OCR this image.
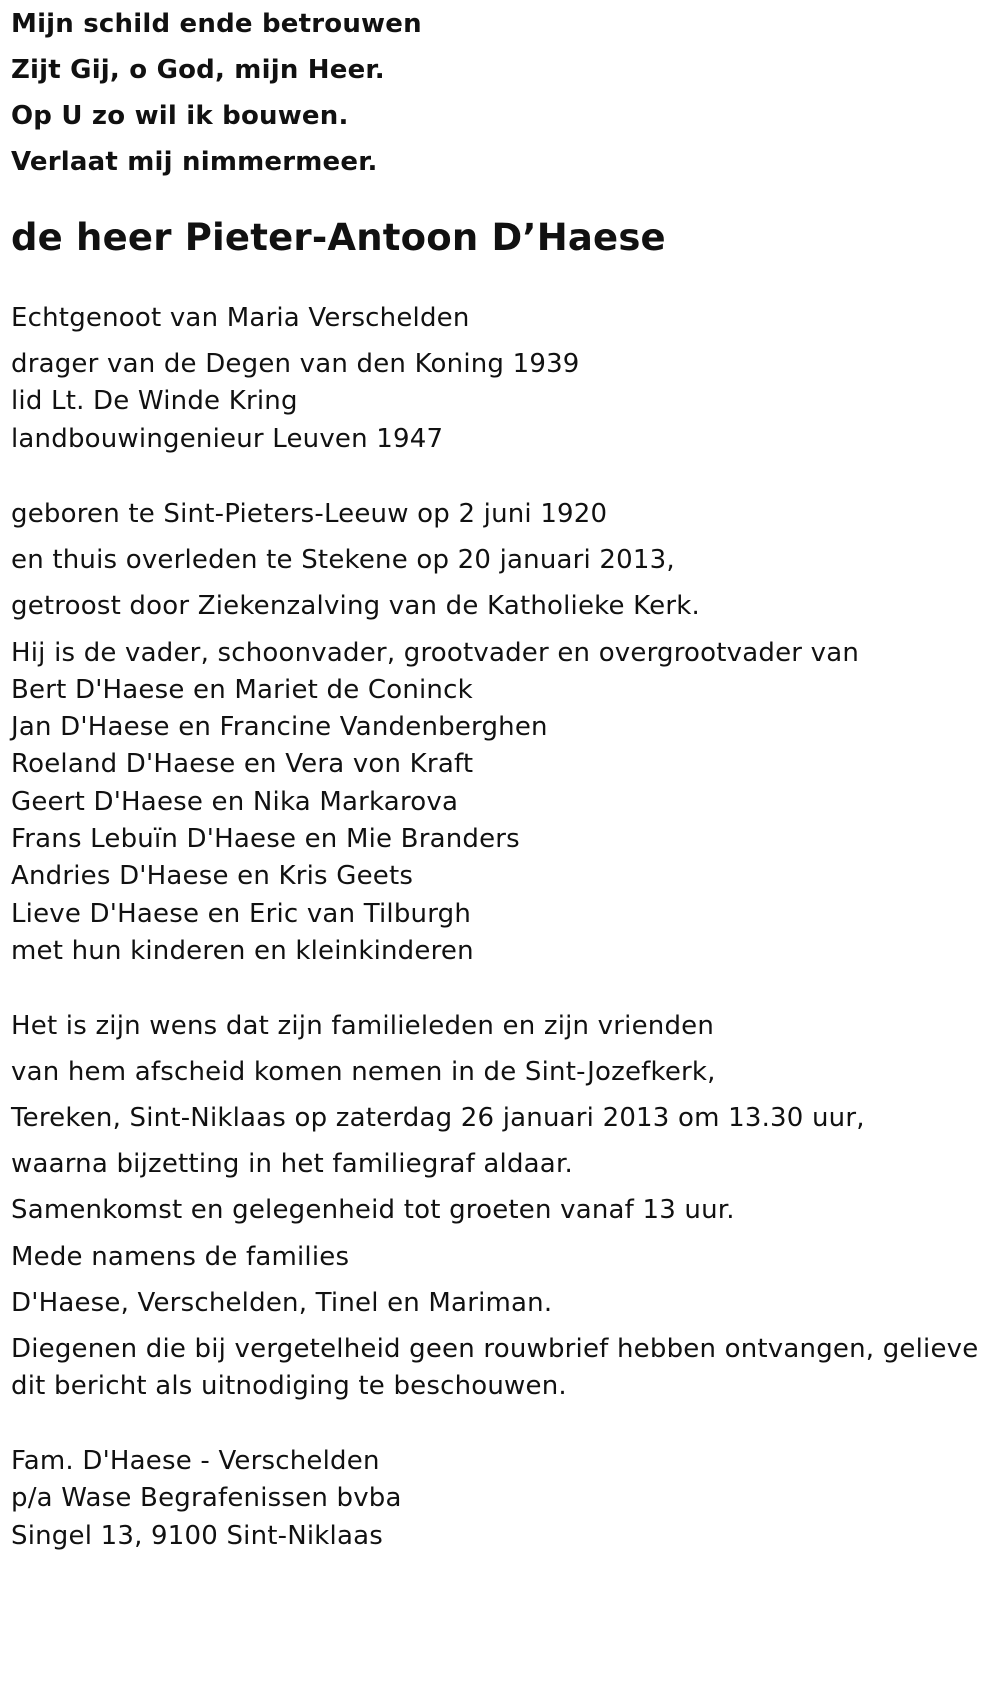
Mijn schild ende betrouwen
Zijt Gij, o God, mijn Heer.
Op U zo wil ik bouwen.
Verlaat mij nimmermeer.
de heer Pieter-Antoon D’Haese
Echtgenoot van Maria Verschelden
drager van de Degen van den Koning 1939
lid Lt. De Winde Kring
landbouwingenieur Leuven 1947
geboren te Sint-Pieters-Leeuw op 2 juni 1920
en thuis overleden te Stekene op 20 januari 2013,
getroost door Ziekenzalving van de Katholieke Kerk.
Hij is de vader, schoonvader, grootvader en overgrootvader van
Bert D'Haese en Mariet de Coninck
Jan D'Haese en Francine Vandenberghen
Roeland D'Haese en Vera von Kraft
Geert D'Haese en Nika Markarova
Frans Lebuïn D'Haese en Mie Branders
Andries D'Haese en Kris Geets
Lieve D'Haese en Eric van Tilburgh
met hun kinderen en kleinkinderen
Het is zijn wens dat zijn familieleden en zijn vrienden
van hem afscheid komen nemen in de Sint-Jozefkerk,
Tereken, Sint-Niklaas op zaterdag 26 januari 2013 om 13.30 uur,
waarna bijzetting in het familiegraf aldaar.
Samenkomst en gelegenheid tot groeten vanaf 13 uur.
Mede namens de families
D'Haese, Verschelden, Tinel en Mariman.
Diegenen die bij vergetelheid geen rouwbrief hebben ontvangen, gelieve
dit bericht als uitnodiging te beschouwen.
Fam. D'Haese - Verschelden
p/a Wase Begrafenissen bvba
Singel 13, 9100 Sint-Niklaas
